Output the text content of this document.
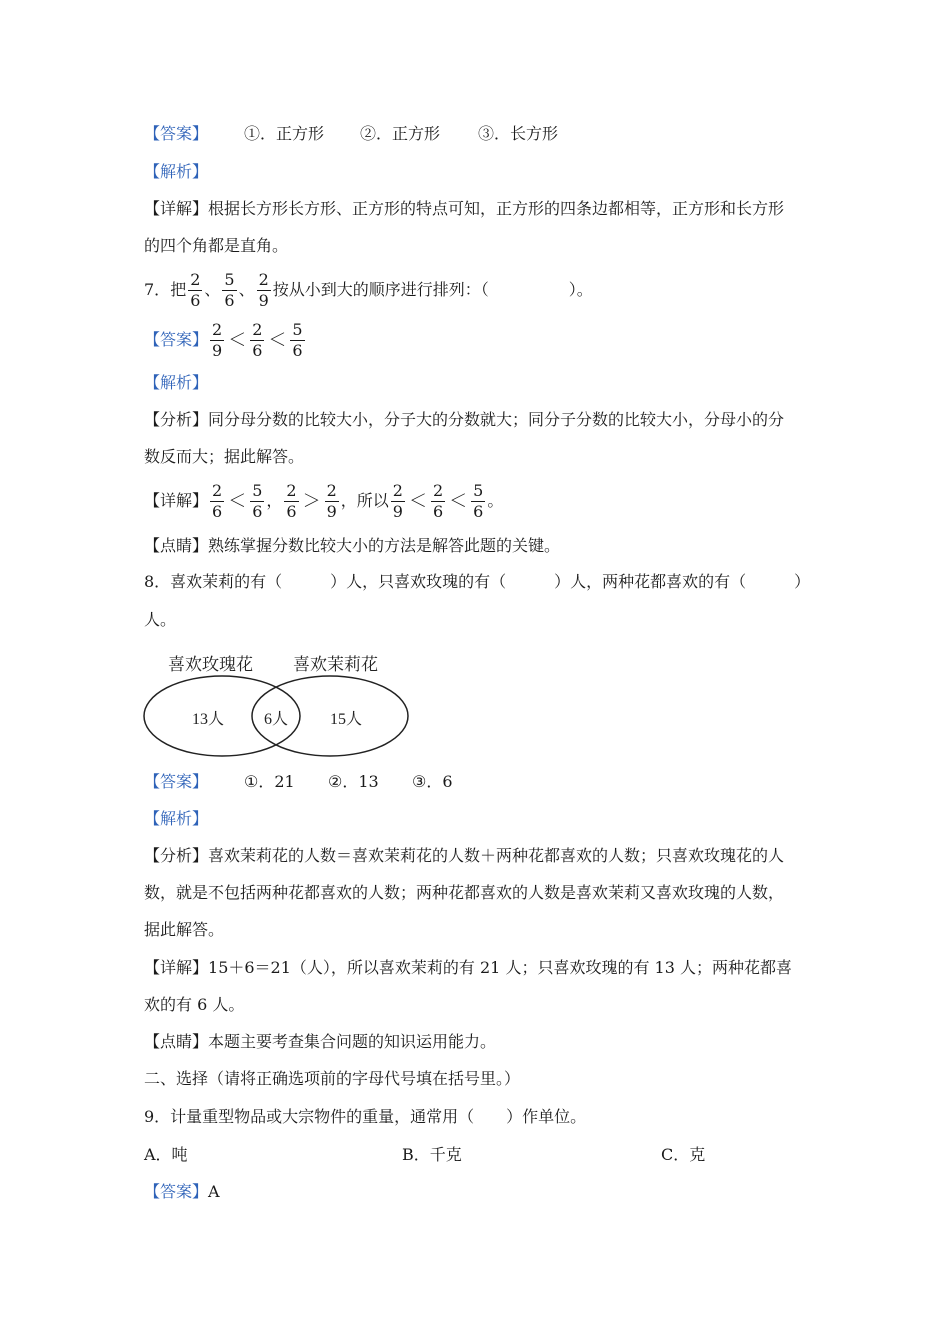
【答案】 ①．正方形 ②．正方形 ③．长方形
【解析】
【详解】根据长方形长方形、正方形的特点可知，正方形的四条边都相等，正方形和长方形
的四个角都是直角。
7．把 $\frac{2}{6}$ 、 $\frac{5}{6}$ 、 $\frac{2}{9}$ 按从小到大的顺序进行排列：（　　　　　）。
【答案】 $\frac{2}{9} < \frac{2}{6} < \frac{5}{6}$
【解析】
【分析】同分母分数的比较大小，分子大的分数就大；同分子分数的比较大小，分母小的分
数反而大；据此解答。
【详解】 $\frac{2}{6} < \frac{5}{6}$ ， $\frac{2}{6} > \frac{2}{9}$ ，所以 $\frac{2}{9} < \frac{2}{6} < \frac{5}{6}$ 。
【点睛】熟练掌握分数比较大小的方法是解答此题的关键。
8．喜欢茉莉的有（　　　）人，只喜欢玫瑰的有（　　　）人，两种花都喜欢的有（　　　）
人。
喜欢玫瑰花 喜欢茉莉花
13人 6人	15人
【答案】 ①．21 ②．13 ③．6
【解析】
【分析】喜欢茉莉花的人数＝喜欢茉莉花的人数＋两种花都喜欢的人数；只喜欢玫瑰花的人
数，就是不包括两种花都喜欢的人数；两种花都喜欢的人数是喜欢茉莉又喜欢玫瑰的人数，
据此解答。
【详解】15＋6＝21（人），所以喜欢茉莉的有 21 人；只喜欢玫瑰的有 13 人；两种花都喜
欢的有 6 人。
【点睛】本题主要考查集合问题的知识运用能力。
二、选择（请将正确选项前的字母代号填在括号里。）
9．计量重型物品或大宗物件的重量，通常用（　　）作单位。
A．吨	B．千克	C．克
【答案】A
